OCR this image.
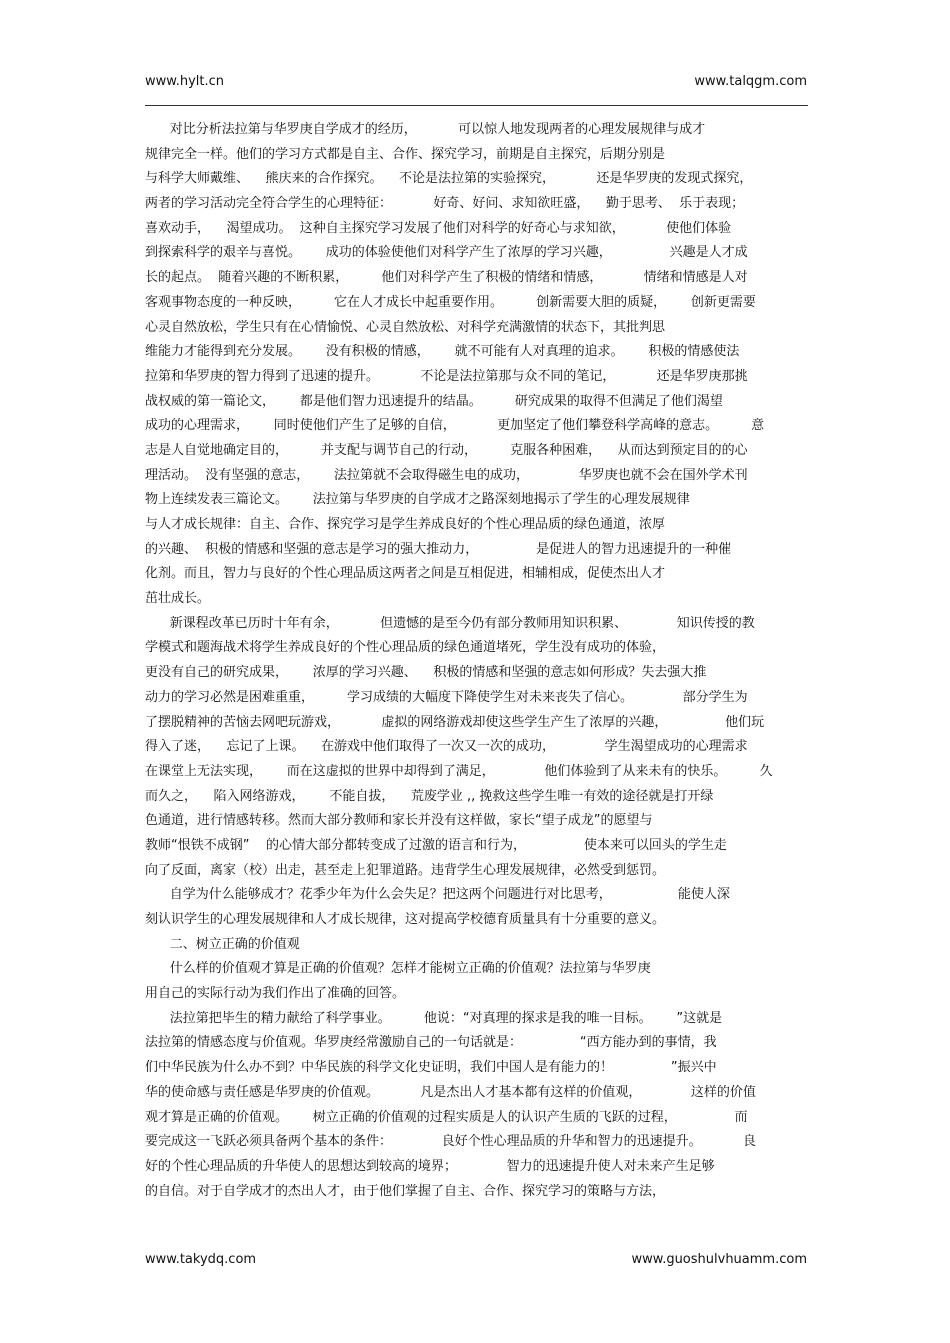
www.hylt.cn	www.talqgm.com
对比分析法拉第与华罗庚自学成才的经历，          可以惊人地发现两者的心理发展规律与成才
规律完全一样。他们的学习方式都是自主、合作、探究学习，前期是自主探究，后期分别是
与科学大师戴维、    熊庆来的合作探究。    不论是法拉第的实验探究，          还是华罗庚的发现式探究，
两者的学习活动完全符合学生的心理特征：          好奇、好问、求知欲旺盛，    勤于思考、  乐于表现；
喜欢动手，    渴望成功。  这种自主探究学习发展了他们对科学的好奇心与求知欲，          使他们体验
到探索科学的艰辛与喜悦。      成功的体验使他们对科学产生了浓厚的学习兴趣，              兴趣是人才成
长的起点。  随着兴趣的不断积累，        他们对科学产生了积极的情绪和情感，          情绪和情感是人对
客观事物态度的一种反映，        它在人才成长中起重要作用。        创新需要大胆的质疑，      创新更需要
心灵自然放松，学生只有在心情愉悦、心灵自然放松、对科学充满激情的状态下，其批判思
维能力才能得到充分发展。      没有积极的情感，      就不可能有人对真理的追求。      积极的情感使法
拉第和华罗庚的智力得到了迅速的提升。          不论是法拉第那与众不同的笔记，          还是华罗庚那挑
战权威的第一篇论文，      都是他们智力迅速提升的结晶。        研究成果的取得不但满足了他们渴望
成功的心理需求，      同时使他们产生了足够的自信，          更加坚定了他们攀登科学高峰的意志。        意
志是人自觉地确定目的，        并支配与调节自己的行动，        克服各种困难，    从而达到预定目的的心
理活动。  没有坚强的意志，      法拉第就不会取得磁生电的成功，            华罗庚也就不会在国外学术刊
物上连续发表三篇论文。      法拉第与华罗庚的自学成才之路深刻地揭示了学生的心理发展规律
与人才成长规律：自主、合作、探究学习是学生养成良好的个性心理品质的绿色通道，浓厚
的兴趣、  积极的情感和坚强的意志是学习的强大推动力，              是促进人的智力迅速提升的一种催
化剂。而且，智力与良好的个性心理品质这两者之间是互相促进，相辅相成，促使杰出人才
茁壮成长。
新课程改革已历时十年有余，          但遗憾的是至今仍有部分教师用知识积累、            知识传授的教
学模式和题海战术将学生养成良好的个性心理品质的绿色通道堵死，学生没有成功的体验，
更没有自己的研究成果，      浓厚的学习兴趣、    积极的情感和坚强的意志如何形成？失去强大推
动力的学习必然是困难重重，        学习成绩的大幅度下降使学生对未来丧失了信心。            部分学生为
了摆脱精神的苦恼去网吧玩游戏，          虚拟的网络游戏却使这些学生产生了浓厚的兴趣，              他们玩
得入了迷，    忘记了上课。    在游戏中他们取得了一次又一次的成功，            学生渴望成功的心理需求
在课堂上无法实现，      而在这虚拟的世界中却得到了满足，            他们体验到了从来未有的快乐。        久
而久之，    陷入网络游戏，      不能自拔，    荒废学业 ,, 挽救这些学生唯一有效的途径就是打开绿
色通道，进行情感转移。然而大部分教师和家长并没有这样做，家长“望子成龙”的愿望与
教师“恨铁不成钢”    的心情大部分都转变成了过激的语言和行为，              使本来可以回头的学生走
向了反面，离家（校）出走，甚至走上犯罪道路。违背学生心理发展规律，必然受到惩罚。
自学为什么能够成才？花季少年为什么会失足？把这两个问题进行对比思考，                能使人深
刻认识学生的心理发展规律和人才成长规律，这对提高学校德育质量具有十分重要的意义。
二、树立正确的价值观
什么样的价值观才算是正确的价值观？怎样才能树立正确的价值观？法拉第与华罗庚
用自己的实际行动为我们作出了准确的回答。
法拉第把毕生的精力献给了科学事业。        他说：“对真理的探求是我的唯一目标。      ”这就是
法拉第的情感态度与价值观。华罗庚经常激励自己的一句话就是：              “西方能办到的事情，我
们中华民族为什么办不到？中华民族的科学文化史证明，我们中国人是有能力的！              ”振兴中
华的使命感与责任感是华罗庚的价值观。          凡是杰出人才基本都有这样的价值观，            这样的价值
观才算是正确的价值观。      树立正确的价值观的过程实质是人的认识产生质的飞跃的过程，              而
要完成这一飞跃必须具备两个基本的条件：            良好个性心理品质的升华和智力的迅速提升。          良
好的个性心理品质的升华使人的思想达到较高的境界；            智力的迅速提升使人对未来产生足够
的自信。对于自学成才的杰出人才，由于他们掌握了自主、合作、探究学习的策略与方法，
www.takydq.com	www.guoshulvhuamm.com
